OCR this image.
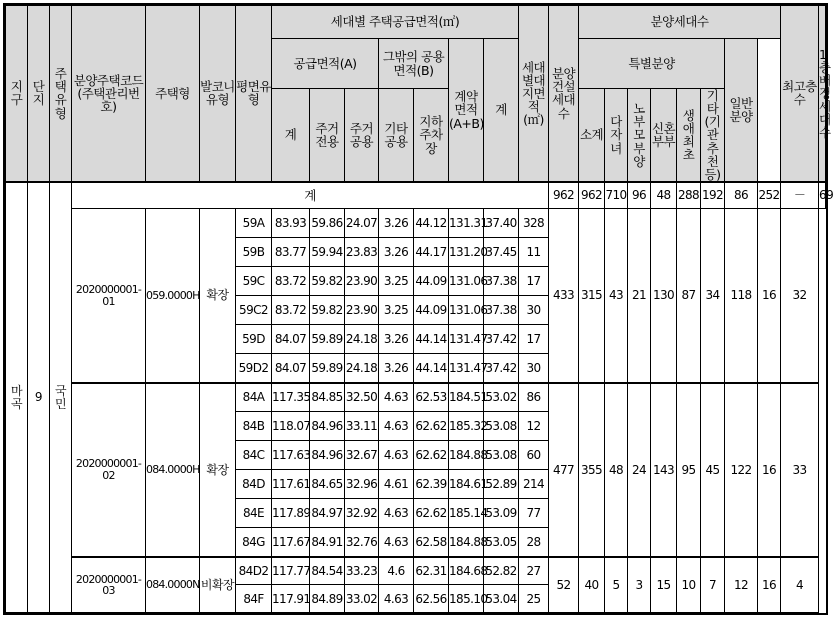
지구	단지	주택유형	분양주택코드(주택관리번호)	주택형	발코니유형	평면유형	세대별 주택공급면적(㎡)							세대별대지면적(㎡)	분양건설세대수	분양세대수								최고층수	1층배정세대수
							공급면적(A)			그밖의 공용면적(B)		계약면적(A+B)	계			특별분양						일반분양			

							계	주거전용	주거공용	기타공용	지하주차장					소계	다자녀	노부모부양	신혼부부	생애최초	기타(기관추천등)				
마곡	9	국민	계												962	962	710	96	48	288	192	86	252	－	69
			2020000001-01	059.0000H	확장	59A	83.93	59.86	24.07	3.26	44.12	131.31	37.40	328	433	315	43	21	130	87	34	118	16	32	
						59B	83.77	59.94	23.83	3.26	44.17	131.20	37.45	11											
						59C	83.72	59.82	23.90	3.25	44.09	131.06	37.38	17											
						59C2	83.72	59.82	23.90	3.25	44.09	131.06	37.38	30											
						59D	84.07	59.89	24.18	3.26	44.14	131.47	37.42	17											
						59D2	84.07	59.89	24.18	3.26	44.14	131.47	37.42	30											
			2020000001-02	084.0000H	확장	84A	117.35	84.85	32.50	4.63	62.53	184.51	53.02	86	477	355	48	24	143	95	45	122	16	33	
						84B	118.07	84.96	33.11	4.63	62.62	185.32	53.08	12											
						84C	117.63	84.96	32.67	4.63	62.62	184.88	53.08	60											
						84D	117.61	84.65	32.96	4.61	62.39	184.61	52.89	214											
						84E	117.89	84.97	32.92	4.63	62.62	185.14	53.09	77											
						84G	117.67	84.91	32.76	4.63	62.58	184.88	53.05	28											
			2020000001-03	084.0000N	비확장	84D2	117.77	84.54	33.23	4.6	62.31	184.68	52.82	27	52	40	5	3	15	10	7	12	16	4	
						84F	117.91	84.89	33.02	4.63	62.56	185.10	53.04	25											
